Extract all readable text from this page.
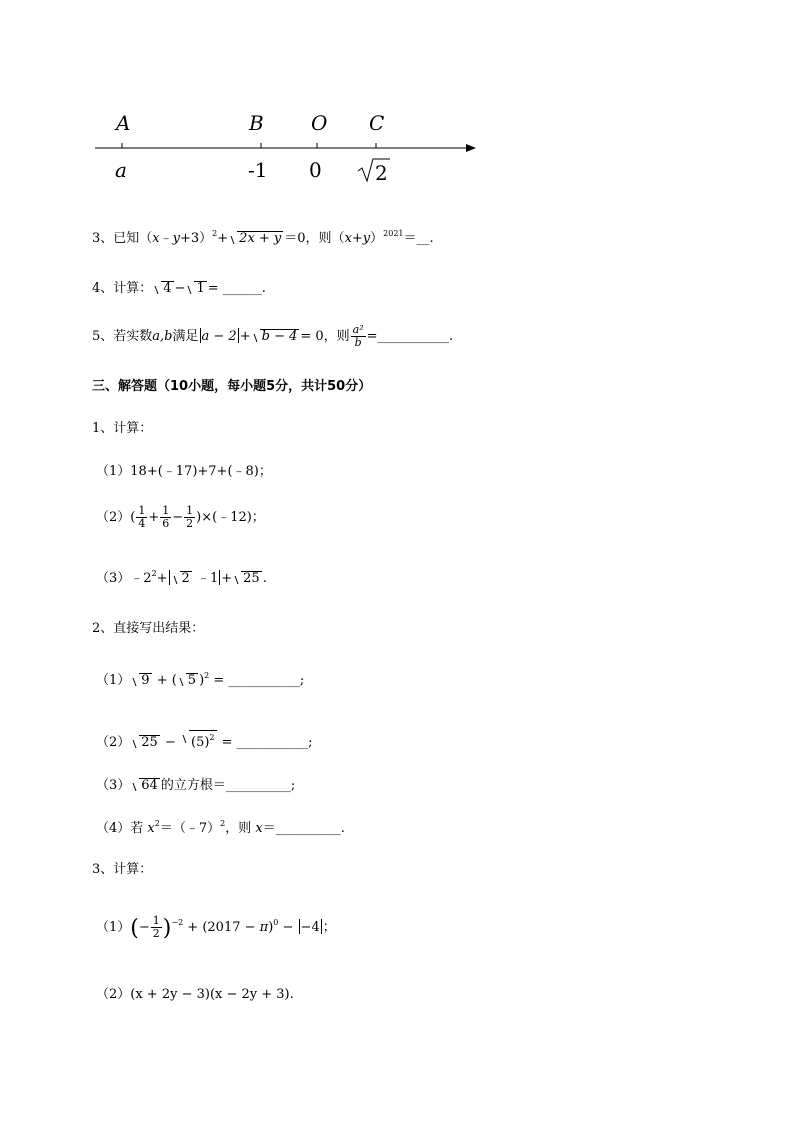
A	B O C
a	-1 0	2
3、已知（x﹣y+3）$^2$+ 2x + y ＝0，则$(x+y)^{2021}=\_\_$.
4、计算： 4 − 1 = ______.
5、若实数a,b满足 a − 2 + b − 4 = 0，则 $\frac{\text{a²}}{b}$ =___________.
三、解答题（10小题，每小题5分，共计50分）
1、计算：
（1）18+(﹣17)+7+(﹣8)；
$(2)( \frac{1}{4} + \frac{1}{6} - \frac{1}{2}$ )×(﹣12)；
$(3)﹣2^2+ 2$ ﹣1 + 25 .
2、直接写出结果：
（1） 9 + ( 5 )$^2$ = ___________;
（2） $25 - (5)^2$ = ___________;
（3） 64 的立方根＝__________;
（4）若 $x^2=(﹣7)^2$，则 x＝__________.
3、计算：
$(1)(- \frac{1}{2} )^{-2} + (2017 - \pi)^0 - -4$ ；
（2）(x + 2y − 3)(x − 2y + 3).
